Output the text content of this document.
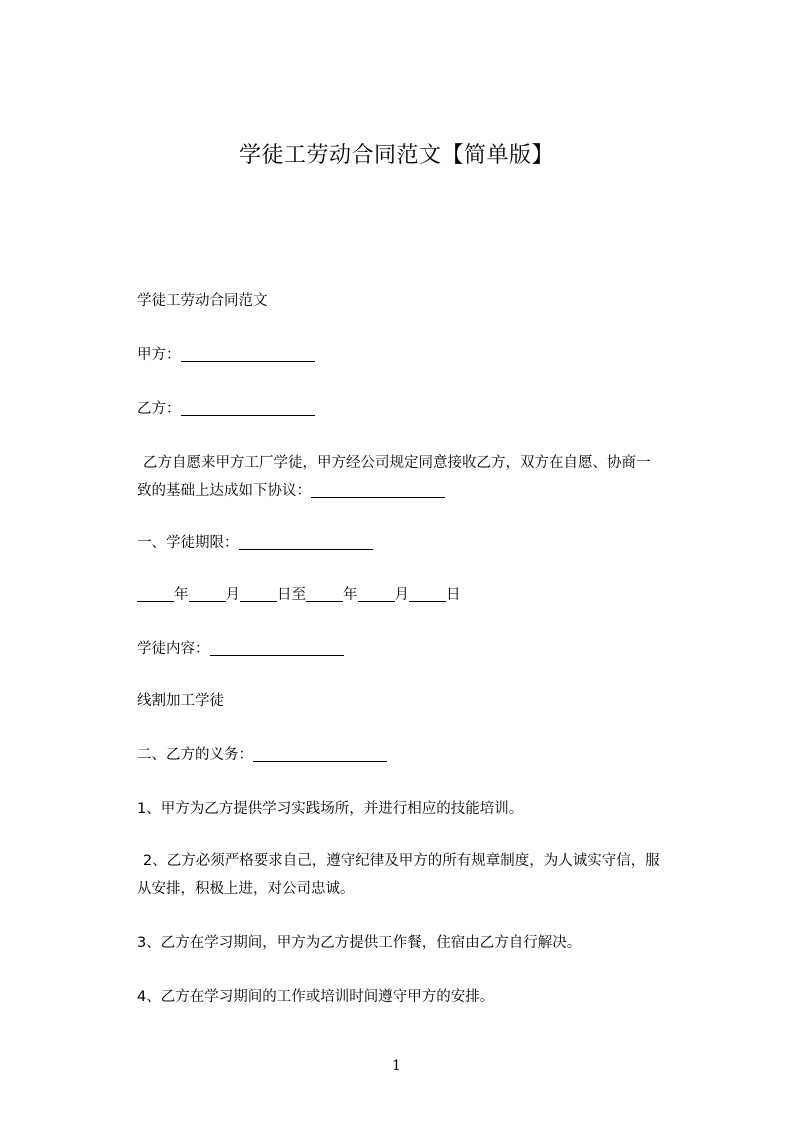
学徒工劳动合同范文【简单版】
学徒工劳动合同范文
甲方：
乙方：
乙方自愿来甲方工厂学徒，甲方经公司规定同意接收乙方，双方在自愿、协商一
致的基础上达成如下协议：
一、学徒期限：
年	月	日至	年	月	日
学徒内容：
线割加工学徒
二、乙方的义务：
1、甲方为乙方提供学习实践场所，并进行相应的技能培训。
2、乙方必须严格要求自己，遵守纪律及甲方的所有规章制度，为人诚实守信，服
从安排，积极上进，对公司忠诚。
3、乙方在学习期间，甲方为乙方提供工作餐，住宿由乙方自行解决。
4、乙方在学习期间的工作或培训时间遵守甲方的安排。
1
